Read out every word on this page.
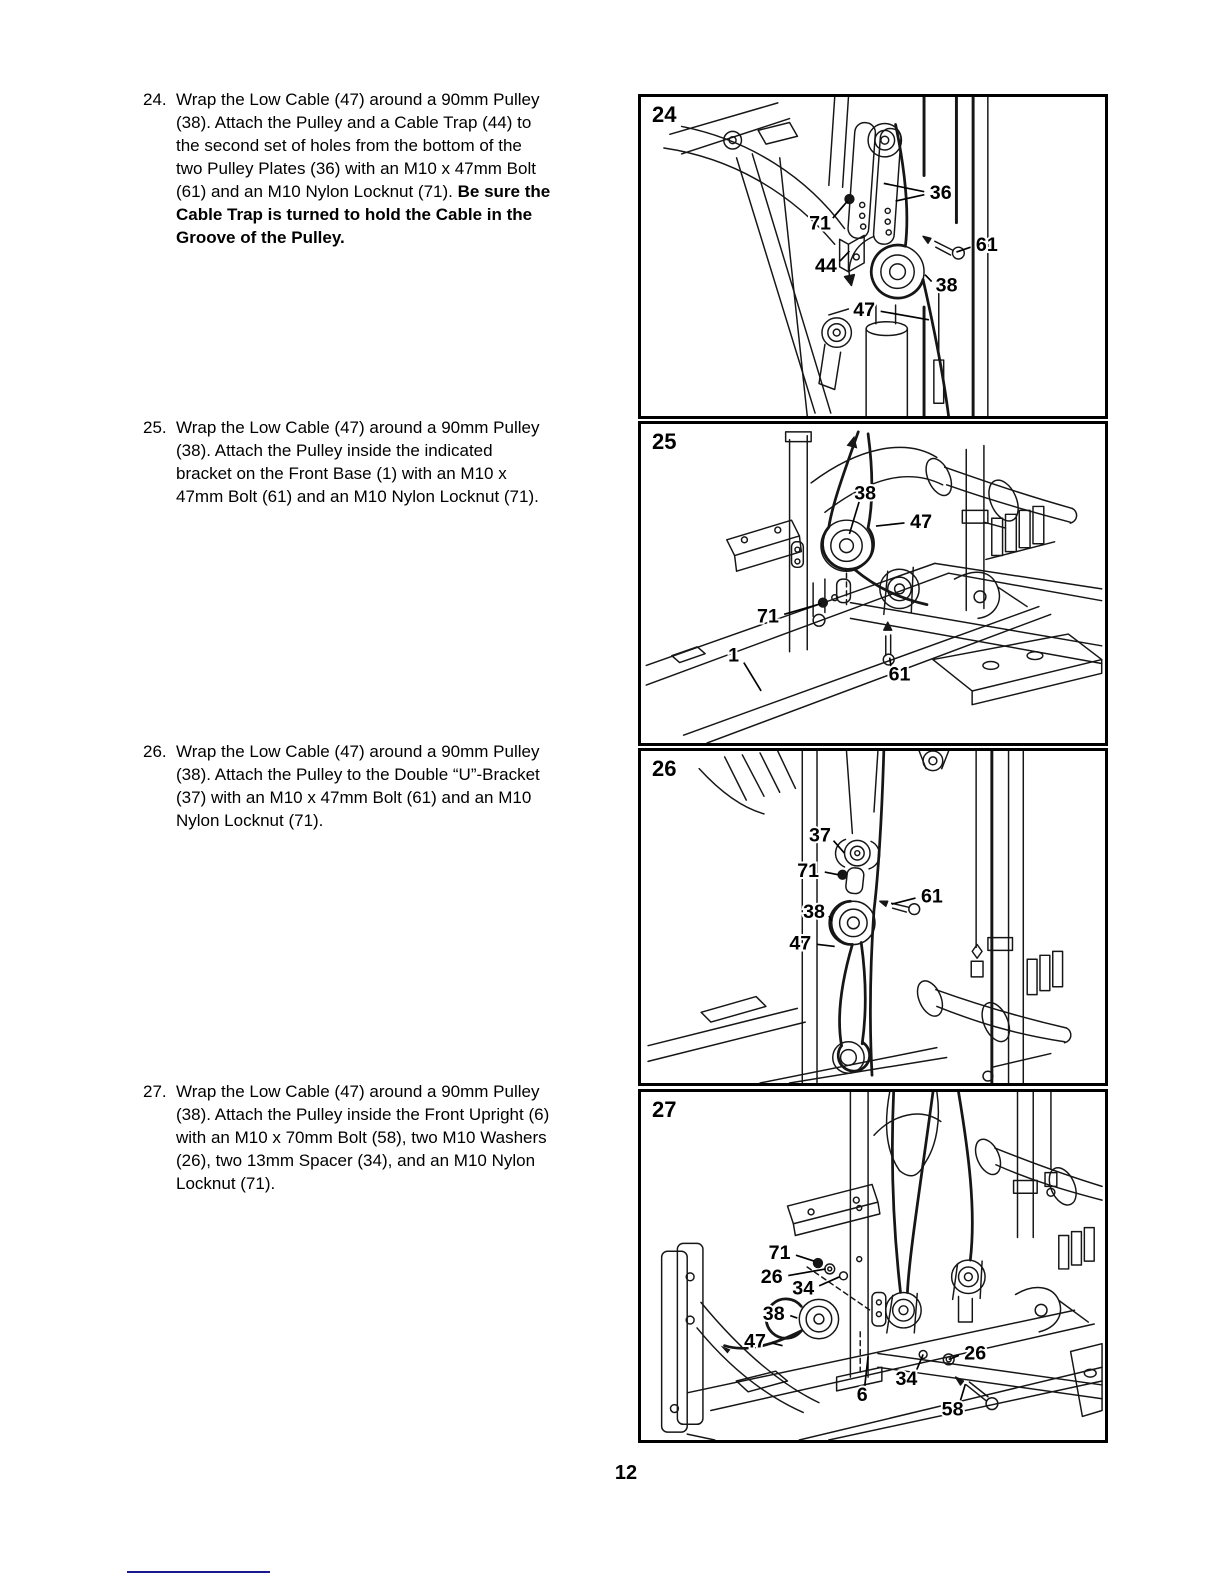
24. Wrap the Low Cable (47) around a 90mm Pulley (38). Attach the Pulley and a Cable Trap (44) to the second set of holes from the bottom of the two Pulley Plates (36) with an M10 x 47mm Bolt (61) and an M10 Nylon Locknut (71). Be sure the Cable Trap is turned to hold the Cable in the Groove of the Pulley.
25. Wrap the Low Cable (47) around a 90mm Pulley (38). Attach the Pulley inside the indicated bracket on the Front Base (1) with an M10 x 47mm Bolt (61) and an M10 Nylon Locknut (71).
26. Wrap the Low Cable (47) around a 90mm Pulley (38). Attach the Pulley to the Double “U”-Bracket (37) with an M10 x 47mm Bolt (61) and an M10 Nylon Locknut (71).
27. Wrap the Low Cable (47) around a 90mm Pulley (38). Attach the Pulley inside the Front Upright (6) with an M10 x 70mm Bolt (58), two M10 Washers (26), two 13mm Spacer (34), and an M10 Nylon Locknut (71).
24
36
71
61
44
38
47
25
38
47
71
1
61
26
37
71
61
38
47
27
71
26
34
38
47
6
34
26
58
12
